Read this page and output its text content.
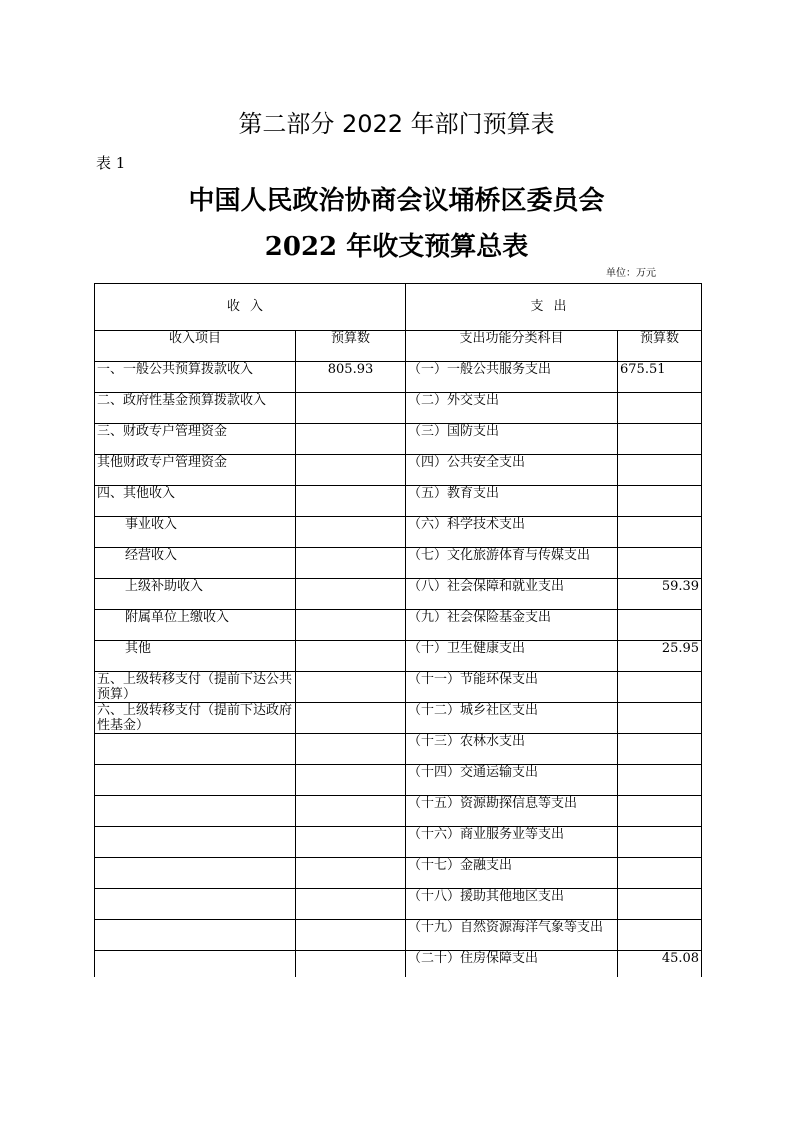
第二部分 2022 年部门预算表
表 1
中国人民政治协商会议埇桥区委员会
2022 年收支预算总表
单位：万元
收入		支出	
收入项目	预算数	支出功能分类科目	预算数
一、一般公共预算拨款收入	805.93	（一）一般公共服务支出	675.51
二、政府性基金预算拨款收入		（二）外交支出	
三、财政专户管理资金		（三）国防支出	
其他财政专户管理资金		（四）公共安全支出	
四、其他收入		（五）教育支出	
事业收入		（六）科学技术支出	
经营收入		（七）文化旅游体育与传媒支出	
上级补助收入		（八）社会保障和就业支出	59.39
附属单位上缴收入		（九）社会保险基金支出	
其他		（十）卫生健康支出	25.95
五、上级转移支付（提前下达公共预算）		（十一）节能环保支出	
六、上级转移支付（提前下达政府性基金）		（十二）城乡社区支出	
		（十三）农林水支出	
		（十四）交通运输支出	
		（十五）资源勘探信息等支出	
		（十六）商业服务业等支出	
		（十七）金融支出	
		（十八）援助其他地区支出	
		（十九）自然资源海洋气象等支出	
		（二十）住房保障支出	45.08
